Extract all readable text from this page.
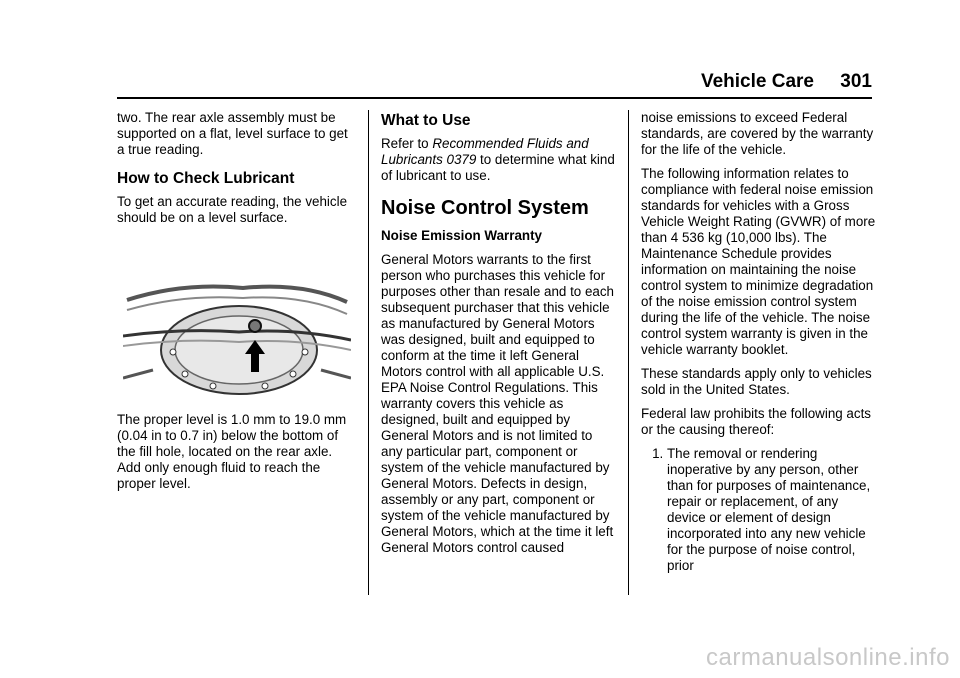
Vehicle Care 301

two. The rear axle assembly must be supported on a flat, level surface to get a true reading.

How to Check Lubricant

To get an accurate reading, the vehicle should be on a level surface.

The proper level is 1.0 mm to 19.0 mm (0.04 in to 0.7 in) below the bottom of the fill hole, located on the rear axle. Add only enough fluid to reach the proper level.

What to Use

Refer to Recommended Fluids and Lubricants 0379 to determine what kind of lubricant to use.

Noise Control System
Noise Emission Warranty

General Motors warrants to the first person who purchases this vehicle for purposes other than resale and to each subsequent purchaser that this vehicle as manufactured by General Motors was designed, built and equipped to conform at the time it left General Motors control with all applicable U.S. EPA Noise Control Regulations. This warranty covers this vehicle as designed, built and equipped by General Motors and is not limited to any particular part, component or system of the vehicle manufactured by General Motors. Defects in design, assembly or any part, component or system of the vehicle manufactured by General Motors, which at the time it left General Motors control caused

noise emissions to exceed Federal standards, are covered by the warranty for the life of the vehicle.

The following information relates to compliance with federal noise emission standards for vehicles with a Gross Vehicle Weight Rating (GVWR) of more than 4 536 kg (10,000 lbs). The Maintenance Schedule provides information on maintaining the noise control system to minimize degradation of the noise emission control system during the life of the vehicle. The noise control system warranty is given in the vehicle warranty booklet.

These standards apply only to vehicles sold in the United States.

Federal law prohibits the following acts or the causing thereof:

1. The removal or rendering inoperative by any person, other than for purposes of maintenance, repair or replacement, of any device or element of design incorporated into any new vehicle for the purpose of noise control, prior
carmanualsonline.info
